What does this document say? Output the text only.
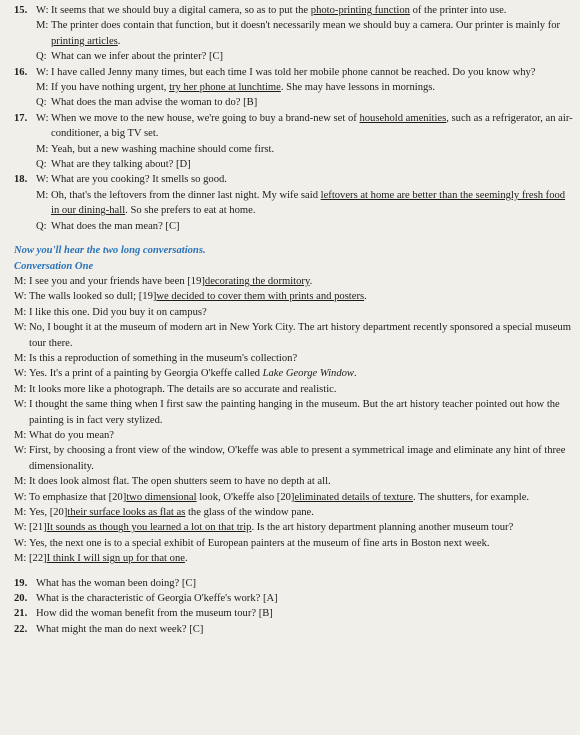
15. W: It seems that we should buy a digital camera, so as to put the photo-printing function of the printer into use.
M: The printer does contain that function, but it doesn't necessarily mean we should buy a camera. Our printer is mainly for printing articles.
Q: What can we infer about the printer? [C]
16. W: I have called Jenny many times, but each time I was told her mobile phone cannot be reached. Do you know why?
M: If you have nothing urgent, try her phone at lunchtime. She may have lessons in mornings.
Q: What does the man advise the woman to do? [B]
17. W: When we move to the new house, we're going to buy a brand-new set of household amenities, such as a refrigerator, an air-conditioner, a big TV set.
M: Yeah, but a new washing machine should come first.
Q: What are they talking about? [D]
18. W: What are you cooking? It smells so good.
M: Oh, that's the leftovers from the dinner last night. My wife said leftovers at home are better than the seemingly fresh food in our dining-hall. So she prefers to eat at home.
Q: What does the man mean? [C]
Now you'll hear the two long conversations.
Conversation One
M: I see you and your friends have been [19]decorating the dormitory.
W: The walls looked so dull; [19]we decided to cover them with prints and posters.
M: I like this one. Did you buy it on campus?
W: No, I bought it at the museum of modern art in New York City. The art history department recently sponsored a special museum tour there.
M: Is this a reproduction of something in the museum's collection?
W: Yes. It's a print of a painting by Georgia O'keffe called Lake George Window.
M: It looks more like a photograph. The details are so accurate and realistic.
W: I thought the same thing when I first saw the painting hanging in the museum. But the art history teacher pointed out how the painting is in fact very stylized.
M: What do you mean?
W: First, by choosing a front view of the window, O'keffe was able to present a symmetrical image and eliminate any hint of three dimensionality.
M: It does look almost flat. The open shutters seem to have no depth at all.
W: To emphasize that [20]two dimensional look, O'keffe also [20]eliminated details of texture. The shutters, for example.
M: Yes, [20]their surface looks as flat as the glass of the window pane.
W: [21]It sounds as though you learned a lot on that trip. Is the art history department planning another museum tour?
W: Yes, the next one is to a special exhibit of European painters at the museum of fine arts in Boston next week.
M: [22]I think I will sign up for that one.
19. What has the woman been doing? [C]
20. What is the characteristic of Georgia O'keffe's work? [A]
21. How did the woman benefit from the museum tour? [B]
22. What might the man do next week? [C]
